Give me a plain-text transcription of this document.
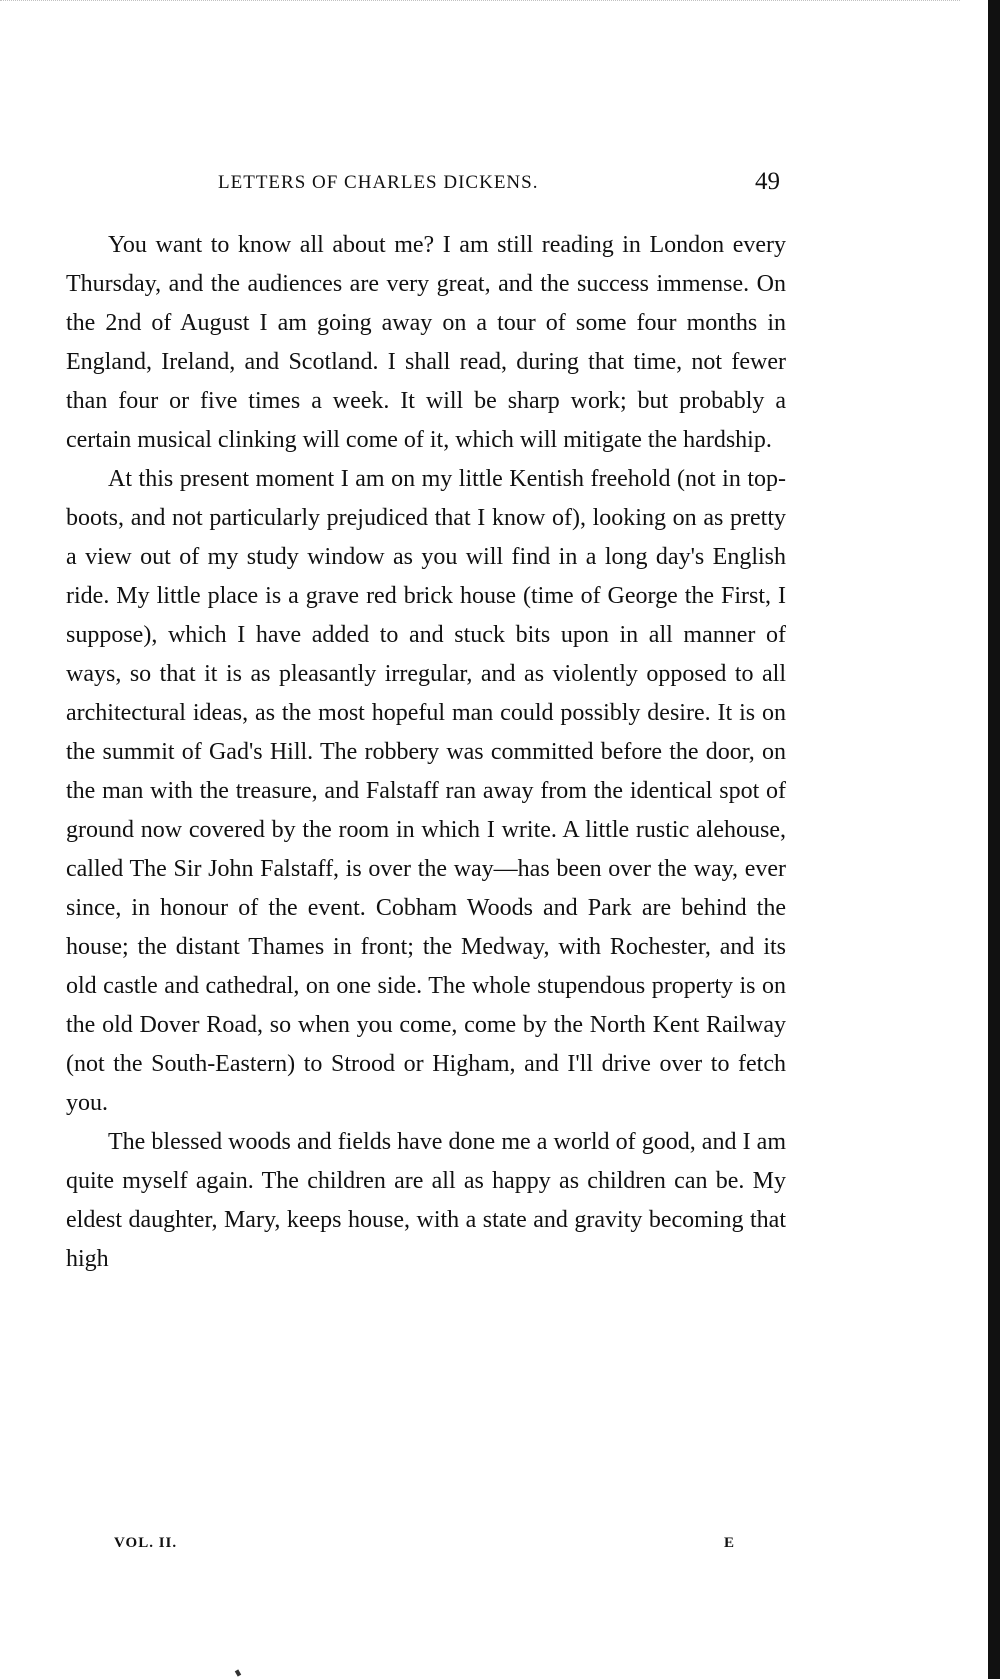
LETTERS OF CHARLES DICKENS.	49

You want to know all about me? I am still reading in London every Thursday, and the audiences are very great, and the success immense. On the 2nd of August I am going away on a tour of some four months in England, Ireland, and Scotland. I shall read, during that time, not fewer than four or five times a week. It will be sharp work; but probably a certain musical clinking will come of it, which will mitigate the hardship.

At this present moment I am on my little Kentish freehold (not in top-boots, and not particularly prejudiced that I know of), looking on as pretty a view out of my study window as you will find in a long day's English ride. My little place is a grave red brick house (time of George the First, I suppose), which I have added to and stuck bits upon in all manner of ways, so that it is as pleasantly irregular, and as violently opposed to all architectural ideas, as the most hopeful man could possibly desire. It is on the summit of Gad's Hill. The robbery was committed before the door, on the man with the treasure, and Falstaff ran away from the identical spot of ground now covered by the room in which I write. A little rustic alehouse, called The Sir John Falstaff, is over the way—has been over the way, ever since, in honour of the event. Cobham Woods and Park are behind the house; the distant Thames in front; the Medway, with Rochester, and its old castle and cathedral, on one side. The whole stupendous property is on the old Dover Road, so when you come, come by the North Kent Railway (not the South-Eastern) to Strood or Higham, and I'll drive over to fetch you.

The blessed woods and fields have done me a world of good, and I am quite myself again. The children are all as happy as children can be. My eldest daughter, Mary, keeps house, with a state and gravity becoming that high

VOL. II.	E
